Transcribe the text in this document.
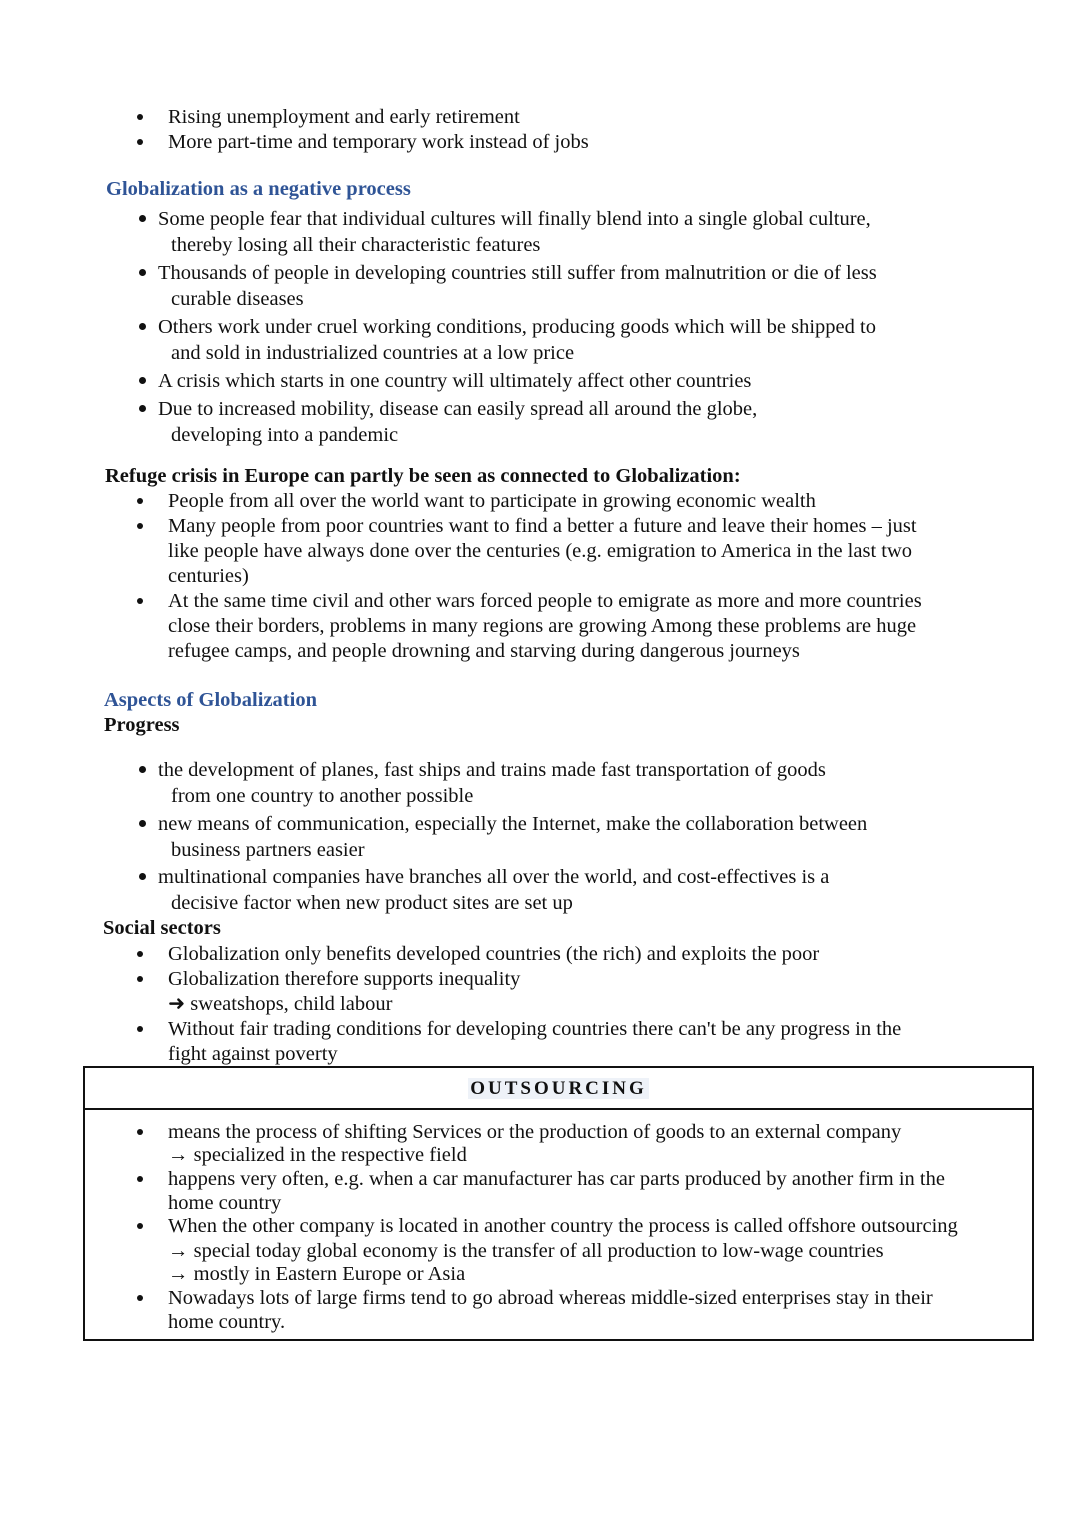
Rising unemployment and early retirement
More part-time and temporary work instead of jobs
Globalization as a negative process
Some people fear that individual cultures will finally blend into a single global culture,
thereby losing all their characteristic features
Thousands of people in developing countries still suffer from malnutrition or die of less
curable diseases
Others work under cruel working conditions, producing goods which will be shipped to
and sold in industrialized countries at a low price
A crisis which starts in one country will ultimately affect other countries
Due to increased mobility, disease can easily spread all around the globe,
developing into a pandemic
Refuge crisis in Europe can partly be seen as connected to Globalization:
People from all over the world want to participate in growing economic wealth
Many people from poor countries want to find a better a future and leave their homes – just
like people have always done over the centuries (e.g. emigration to America in the last two
centuries)
At the same time civil and other wars forced people to emigrate as more and more countries
close their borders, problems in many regions are growing Among these problems are huge
refugee camps, and people drowning and starving during dangerous journeys
Aspects of Globalization
Progress
the development of planes, fast ships and trains made fast transportation of goods
from one country to another possible
new means of communication, especially the Internet, make the collaboration between
business partners easier
multinational companies have branches all over the world, and cost-effectives is a
decisive factor when new product sites are set up
Social sectors
Globalization only benefits developed countries (the rich) and exploits the poor
Globalization therefore supports inequality
➜ sweatshops, child labour
Without fair trading conditions for developing countries there can't be any progress in the
fight against poverty
OUTSOURCING
means the process of shifting Services or the production of goods to an external company
→ specialized in the respective field
happens very often, e.g. when a car manufacturer has car parts produced by another firm in the
home country
When the other company is located in another country the process is called offshore outsourcing
→ special today global economy is the transfer of all production to low-wage countries
→ mostly in Eastern Europe or Asia
Nowadays lots of large firms tend to go abroad whereas middle-sized enterprises stay in their
home country.
